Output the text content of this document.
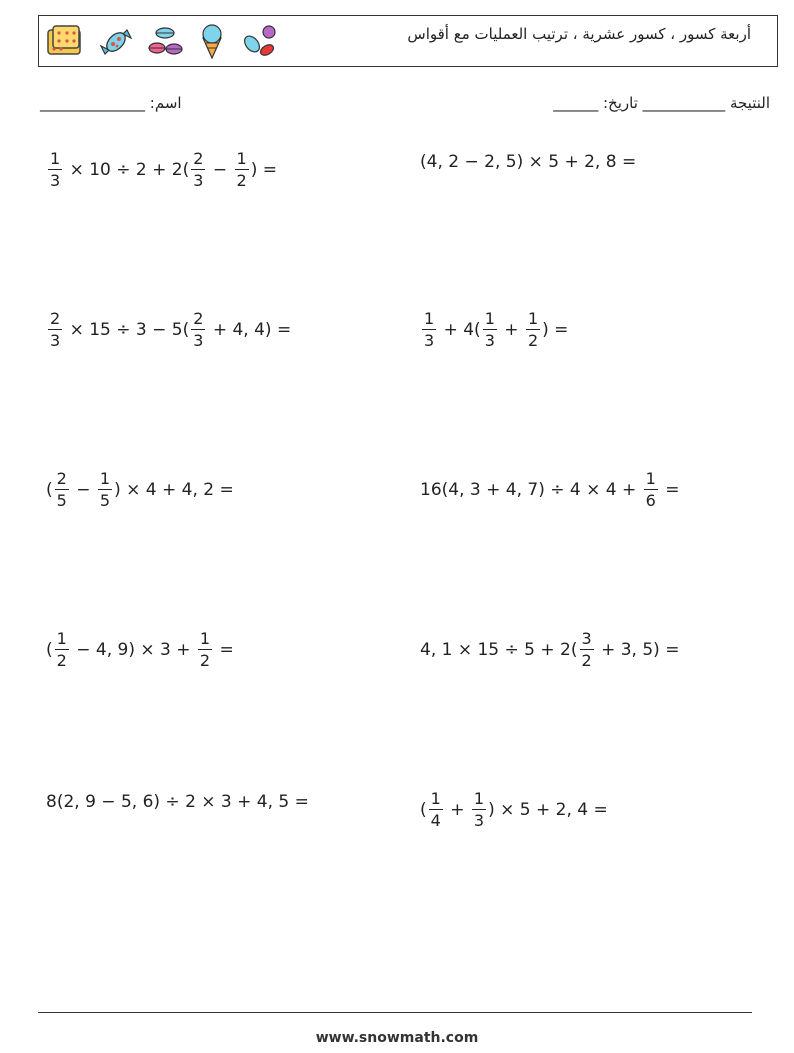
أربعة كسور ، كسور عشرية ، ترتيب العمليات مع أقواس
اسم: ______________	النتيجة ___________ تاريخ: ______
$\frac{1}{3} \times 10 \div 2 + 2( \frac{2}{3} - \frac{1}{2}$ ) =	(4, 2 − 2, 5) × 5 + 2, 8 =
$\frac{2}{3} \times 15 \div 3 - 5( \frac{2}{3} + 4$, 4) =	$\frac{1}{3} + 4( \frac{1}{3} + \frac{1}{2}$ ) =
( $\frac{2}{5} - \frac{1}{5}$ ) × 4 + 4, 2 =	16(4, 3 + 4, $7) \div 4 \times 4 + \frac{1}{6}$ =
( $\frac{1}{2} - 4$, $9) \times 3 + \frac{1}{2}$ =	4, $1 \times 15 \div 5 + 2( \frac{3}{2} + 3$, 5) =
8(2, 9 − 5, 6) ÷ 2 × 3 + 4, 5 =	( $\frac{1}{4} + \frac{1}{3}$ ) × 5 + 2, 4 =
www.snowmath.com
